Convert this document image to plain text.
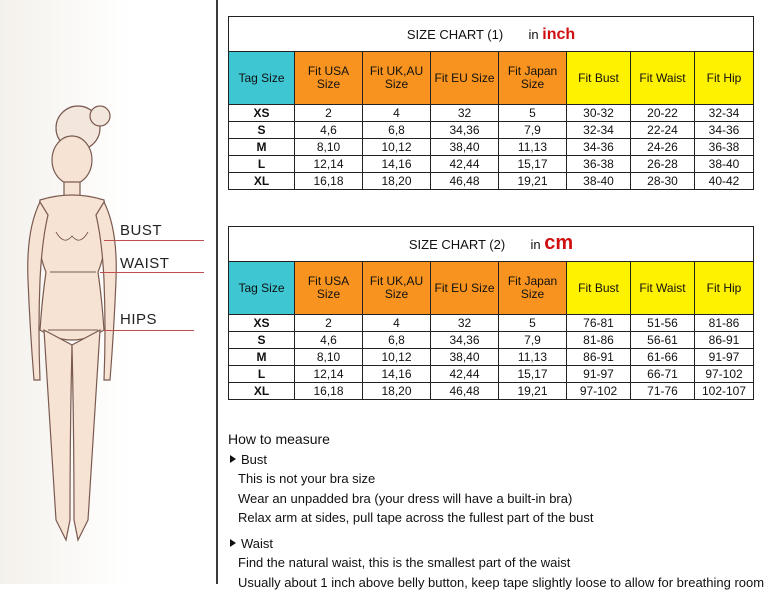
BUST
WAIST
HIPS
SIZE CHART (1) in inch							
Tag Size	Fit USA Size	Fit UK,AU Size	Fit EU Size	Fit Japan Size	Fit Bust	Fit Waist	Fit Hip
XS	2	4	32	5	30-32	20-22	32-34
S	4,6	6,8	34,36	7,9	32-34	22-24	34-36
M	8,10	10,12	38,40	11,13	34-36	24-26	36-38
L	12,14	14,16	42,44	15,17	36-38	26-28	38-40
XL	16,18	18,20	46,48	19,21	38-40	28-30	40-42
SIZE CHART (2) in cm							
Tag Size	Fit USA Size	Fit UK,AU Size	Fit EU Size	Fit Japan Size	Fit Bust	Fit Waist	Fit Hip
XS	2	4	32	5	76-81	51-56	81-86
S	4,6	6,8	34,36	7,9	81-86	56-61	86-91
M	8,10	10,12	38,40	11,13	86-91	61-66	91-97
L	12,14	14,16	42,44	15,17	91-97	66-71	97-102
XL	16,18	18,20	46,48	19,21	97-102	71-76	102-107
How to measure
Bust
This is not your bra size
Wear an unpadded bra (your dress will have a built-in bra)
Relax arm at sides, pull tape across the fullest part of the bust
Waist
Find the natural waist, this is the smallest part of the waist
Usually about 1 inch above belly button, keep tape slightly loose to allow for breathing room
